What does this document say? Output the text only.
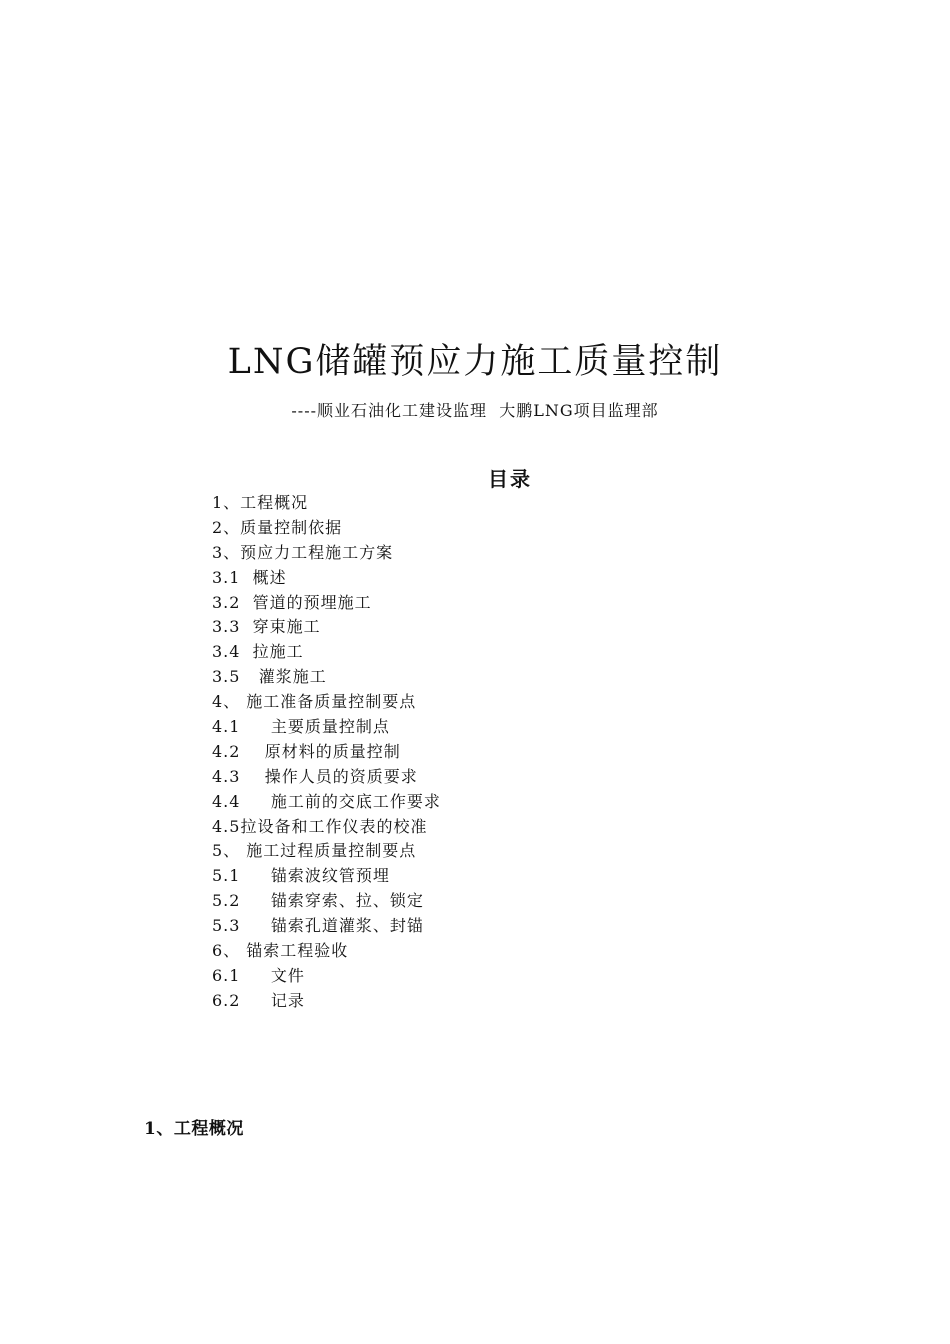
LNG储罐预应力施工质量控制
----顺业石油化工建设监理  大鹏LNG项目监理部
目录
1、工程概况
2、质量控制依据
3、预应力工程施工方案
3.1  概述
3.2  管道的预埋施工
3.3  穿束施工
3.4  拉施工
3.5   灌浆施工
4、 施工准备质量控制要点
4.1     主要质量控制点
4.2    原材料的质量控制
4.3    操作人员的资质要求
4.4     施工前的交底工作要求
4.5拉设备和工作仪表的校准
5、 施工过程质量控制要点
5.1     锚索波纹管预埋
5.2     锚索穿索、拉、锁定
5.3     锚索孔道灌浆、封锚
6、 锚索工程验收
6.1     文件
6.2     记录
1、工程概况
